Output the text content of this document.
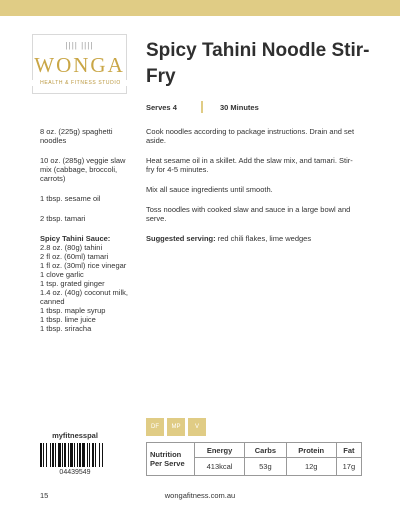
|||| ||||
WONGA
HEALTH & FITNESS STUDIO
Spicy Tahini Noodle Stir-Fry
Serves 4	30 Minutes

8 oz. (225g) spaghetti noodles

10 oz. (285g) veggie slaw mix (cabbage, broccoli, carrots)

1 tbsp. sesame oil

2 tbsp. tamari

Spicy Tahini Sauce:
2.8 oz. (80g) tahini
2 fl oz. (60ml) tamari
1 fl oz. (30ml) rice vinegar
1 clove garlic
1 tsp. grated ginger
1.4 oz. (40g) coconut milk, canned
1 tbsp. maple syrup
1 tbsp. lime juice
1 tbsp. sriracha

Cook noodles according to package instructions. Drain and set aside.

Heat sesame oil in a skillet. Add the slaw mix, and tamari. Stir-fry for 4-5 minutes.

Mix all sauce ingredients until smooth.

Toss noodles with cooked slaw and sauce in a large bowl and serve.

Suggested serving: red chili flakes, lime wedges

DF	MP	V
myfitnesspal
04439549
Nutrition Per Serve	Energy	Carbs	Protein	Fat
	413kcal	53g	12g	17g
15	wongafitness.com.au
